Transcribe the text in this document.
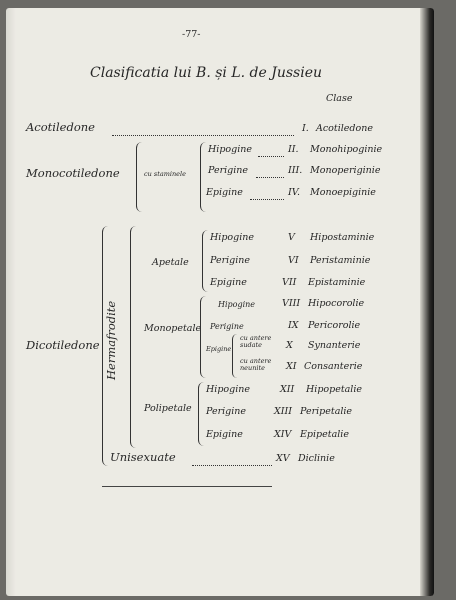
-77-
Clasificatia lui B. și L. de Jussieu
Clase
Acotiledone	I. Acotiledone
Monocotiledone	cu staminele
Hipogine	II. Monohipoginie
Perigine	III. Monoperiginie
Epigine	IV. Monoepiginie
Dicotiledone Hermafrodite
Apetale
Hipogine	V Hipostaminie
Perigine	VI Peristaminie
Epigine	VII Epistaminie
Monopetale
Hipogine	VIII Hipocorolie
Perigine	IX Pericorolie
Epigine
cu antere sudate	X Synanterie
cu antere neunite	XI Consanterie
Polipetale
Hipogine	XII Hipopetalie
Perigine	XIII Peripetalie
Epigine	XIV Epipetalie
Unisexuate	XV Diclinie
